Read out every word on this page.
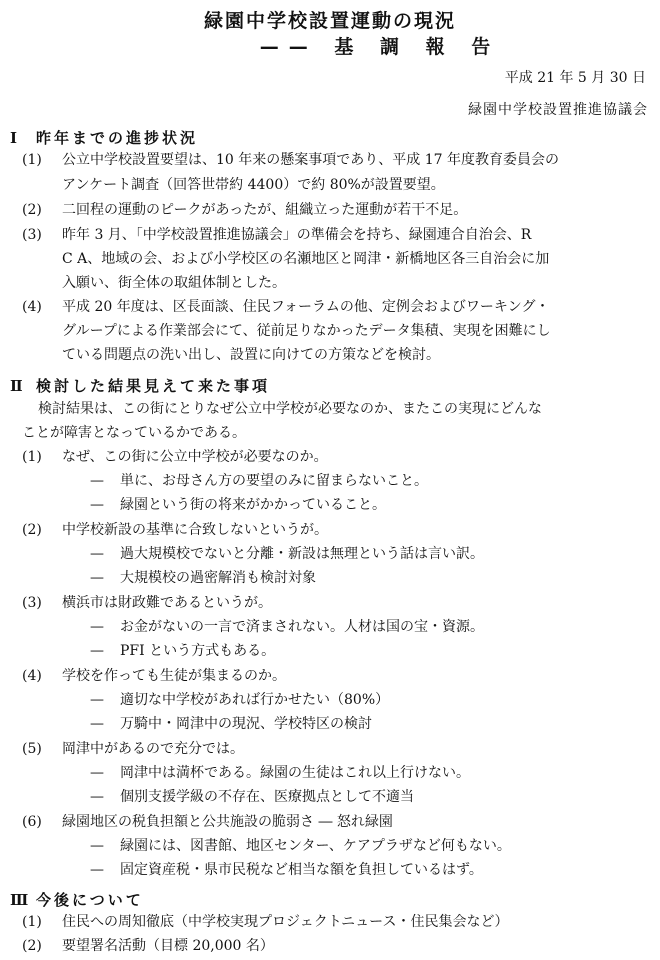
緑園中学校設置運動の現況
—— 基 調 報 告
平成 21 年 5 月 30 日
緑園中学校設置推進協議会
Ⅰ 昨年までの進捗状況
(1) 公立中学校設置要望は、10 年来の懸案事項であり、平成 17 年度教育委員会の
アンケート調査（回答世帯約 4400）で約 80%が設置要望。
(2) 二回程の運動のピークがあったが、組織立った運動が若干不足。
(3) 昨年 3 月、「中学校設置推進協議会」の準備会を持ち、緑園連合自治会、R
C A、地域の会、および小学校区の名瀬地区と岡津・新橋地区各三自治会に加
入願い、街全体の取組体制とした。
(4) 平成 20 年度は、区長面談、住民フォーラムの他、定例会およびワーキング・
グループによる作業部会にて、従前足りなかったデータ集積、実現を困難にし
ている問題点の洗い出し、設置に向けての方策などを検討。
Ⅱ 検討した結果見えて来た事項
検討結果は、この街にとりなぜ公立中学校が必要なのか、またこの実現にどんな
ことが障害となっているかである。
(1) なぜ、この街に公立中学校が必要なのか。
— 単に、お母さん方の要望のみに留まらないこと。
— 緑園という街の将来がかかっていること。
(2) 中学校新設の基準に合致しないというが。
— 過大規模校でないと分離・新設は無理という話は言い訳。
— 大規模校の過密解消も検討対象
(3) 横浜市は財政難であるというが。
— お金がないの一言で済まされない。人材は国の宝・資源。
— PFI という方式もある。
(4) 学校を作っても生徒が集まるのか。
— 適切な中学校があれば行かせたい（80%）
— 万騎中・岡津中の現況、学校特区の検討
(5) 岡津中があるので充分では。
— 岡津中は満杯である。緑園の生徒はこれ以上行けない。
— 個別支援学級の不存在、医療拠点として不適当
(6) 緑園地区の税負担額と公共施設の脆弱さ ― 怒れ緑園
— 緑園には、図書館、地区センター、ケアプラザなど何もない。
— 固定資産税・県市民税など相当な額を負担しているはず。
Ⅲ 今後について
(1) 住民への周知徹底（中学校実現プロジェクトニュース・住民集会など）
(2) 要望署名活動（目標 20,000 名）
